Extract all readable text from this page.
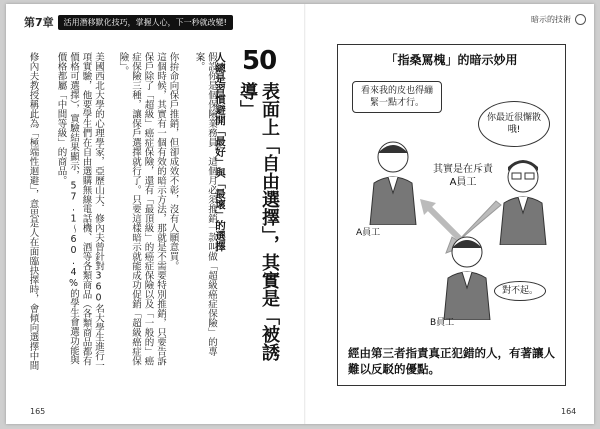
第7章	活用潛移默化技巧，掌握人心，下一秒就改變!
50
表面上「自由選擇」，其實是「被誘導」
人總是習慣避開「最好」與「最壞」的選擇
假設你是個保險業務員，這個月必須推銷一款叫做「超級癌症保險」的專案。
你拚命向保戶推銷，但卻成效不彰，沒有人願意買。
這個時候，其實有一個有效的暗示方法，那就是不需要特別推銷，只要告訴保戶除了「超級」癌症保險，還有「最頂級」的癌症保險以及「一般的」癌症保險三種，讓保戶選擇就行了。只要這樣暗示就能成功促銷「超級癌症保險」。
美國西北大學的心理學家，亞歷山大．修內夫曾針對360名大學生進行一項實驗，他要學生們在自由選購無線電話機、酒等各類商品（各類商品都有價格可選擇），實驗結果顯示，57.1～60.4%的學生會選功能與價格都屬「中間等級」的商品。
修內夫教授稱此為「極端性迴避」，意思是人在面臨抉擇時，會傾向選擇中間
165
暗示的技術
「指桑罵槐」的暗示妙用
看來我的皮也得繃緊一點才行。
你最近很懈散哦!
A員工
其實是在斥責A員工
對不起。
B員工
經由第三者指責真正犯錯的人，有著讓人難以反駁的優點。
164
